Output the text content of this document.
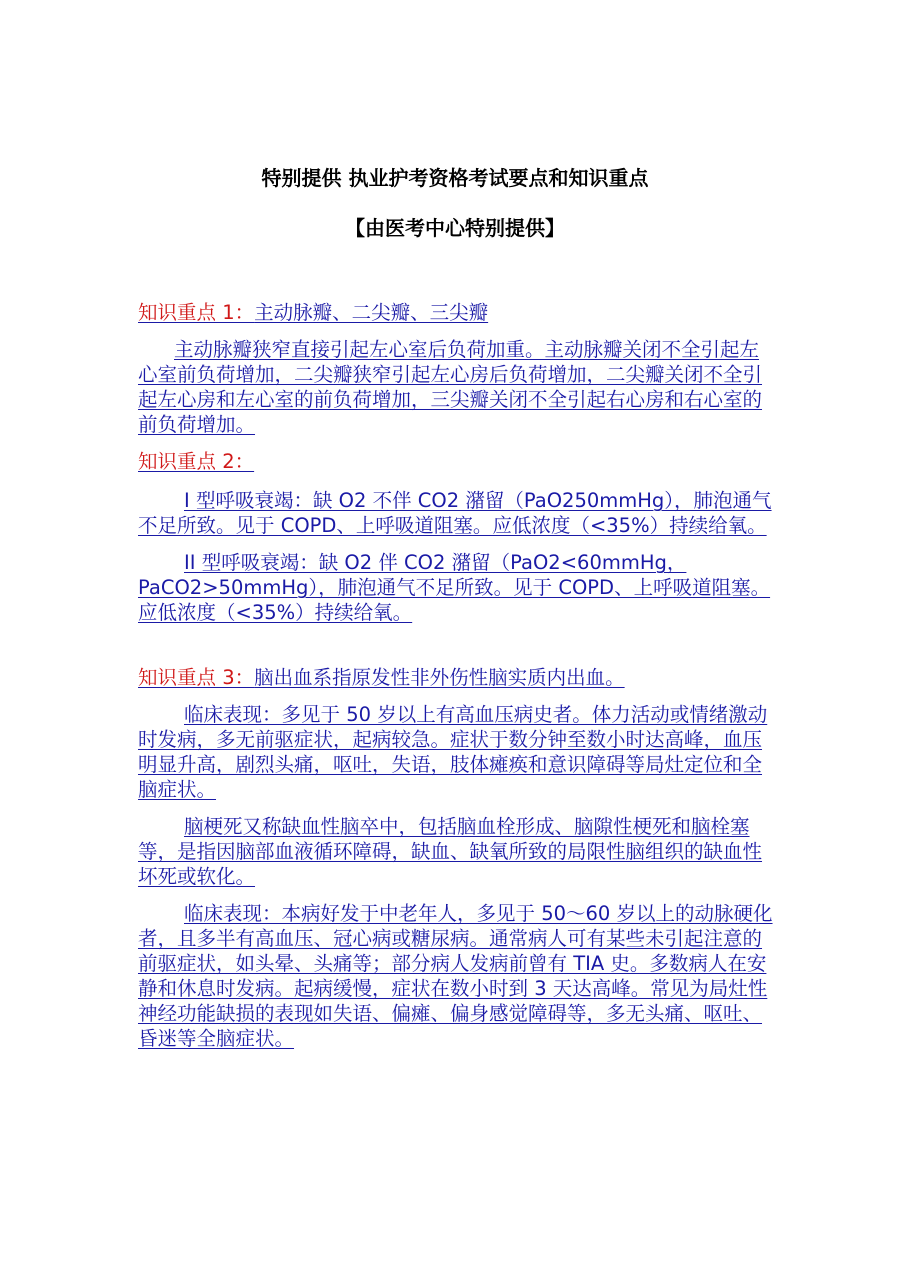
特别提供 执业护考资格考试要点和知识重点
【由医考中心特别提供】

知识重点 1：主动脉瓣、二尖瓣、三尖瓣

主动脉瓣狭窄直接引起左心室后负荷加重。主动脉瓣关闭不全引起左心室前负荷增加，二尖瓣狭窄引起左心房后负荷增加，二尖瓣关闭不全引起左心房和左心室的前负荷增加，三尖瓣关闭不全引起右心房和右心室的前负荷增加。

知识重点 2：

I 型呼吸衰竭：缺 O2 不伴 CO2 潴留（PaO250mmHg），肺泡通气不足所致。见于 COPD、上呼吸道阻塞。应低浓度（<35%）持续给氧。

II 型呼吸衰竭：缺 O2 伴 CO2 潴留（PaO2<60mmHg，PaCO2>50mmHg），肺泡通气不足所致。见于 COPD、上呼吸道阻塞。应低浓度（<35%）持续给氧。

知识重点 3：脑出血系指原发性非外伤性脑实质内出血。

临床表现：多见于 50 岁以上有高血压病史者。体力活动或情绪激动时发病，多无前驱症状，起病较急。症状于数分钟至数小时达高峰，血压明显升高，剧烈头痛，呕吐，失语，肢体瘫痪和意识障碍等局灶定位和全脑症状。

脑梗死又称缺血性脑卒中，包括脑血栓形成、脑隙性梗死和脑栓塞等，是指因脑部血液循环障碍，缺血、缺氧所致的局限性脑组织的缺血性坏死或软化。

临床表现：本病好发于中老年人，多见于 50～60 岁以上的动脉硬化者，且多半有高血压、冠心病或糖尿病。通常病人可有某些未引起注意的前驱症状，如头晕、头痛等；部分病人发病前曾有 TIA 史。多数病人在安静和休息时发病。起病缓慢，症状在数小时到 3 天达高峰。常见为局灶性神经功能缺损的表现如失语、偏瘫、偏身感觉障碍等，多无头痛、呕吐、昏迷等全脑症状。
